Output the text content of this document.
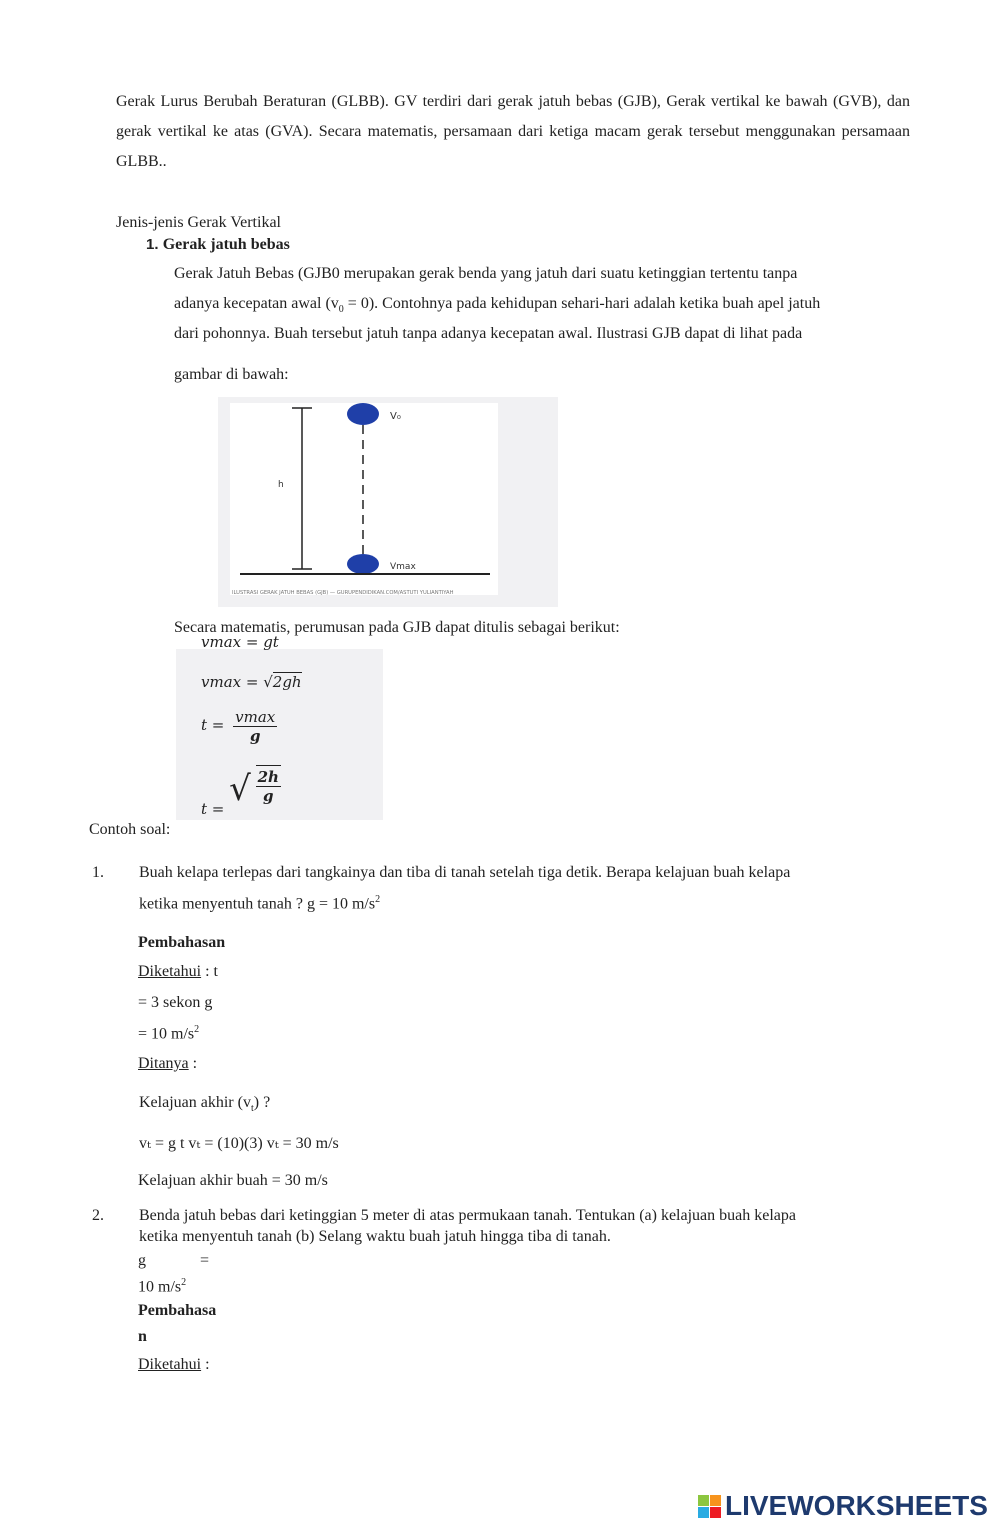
Gerak Lurus Berubah Beraturan (GLBB). GV terdiri dari gerak jatuh bebas (GJB), Gerak vertikal ke bawah (GVB), dan gerak vertikal ke atas (GVA). Secara matematis, persamaan dari ketiga macam gerak tersebut menggunakan persamaan GLBB..
Jenis-jenis Gerak Vertikal
1. Gerak jatuh bebas
Gerak Jatuh Bebas (GJB0 merupakan gerak benda yang jatuh dari suatu ketinggian tertentu tanpa
adanya kecepatan awal $(v_0 = 0)$. Contohnya pada kehidupan sehari-hari adalah ketika buah apel jatuh
dari pohonnya. Buah tersebut jatuh tanpa adanya kecepatan awal. Ilustrasi GJB dapat di lihat pada
gambar di bawah:
V₀
h
Vmax
ILUSTRASI GERAK JATUH BEBAS (GJB) — GURUPENDIDIKAN.COM/ASTUTI YULIANTIYAH
Secara matematis, perumusan pada GJB dapat ditulis sebagai berikut:
vmax = gt
vmax = √2gh
t = vmax
g
t = √ $\frac{2h}{g}$
Contoh soal:
1. Buah kelapa terlepas dari tangkainya dan tiba di tanah setelah tiga detik. Berapa kelajuan buah kelapa
ketika menyentuh tanah ? g = 10 $m/s^2$
Pembahasan
Diketahui : t
= 3 sekon g
= 10 $m/s^2$
Ditanya :
Kelajuan akhir $(v_t)$ ?
vₜ = g t vₜ = (10)(3) vₜ = 30 m/s
Kelajuan akhir buah = 30 m/s
2. Benda jatuh bebas dari ketinggian 5 meter di atas permukaan tanah. Tentukan (a) kelajuan buah kelapa
ketika menyentuh tanah (b) Selang waktu buah jatuh hingga tiba di tanah.
g	=
10 $m/s^2$
Pembahasa
n
Diketahui :
LIVEWORKSHEETS
